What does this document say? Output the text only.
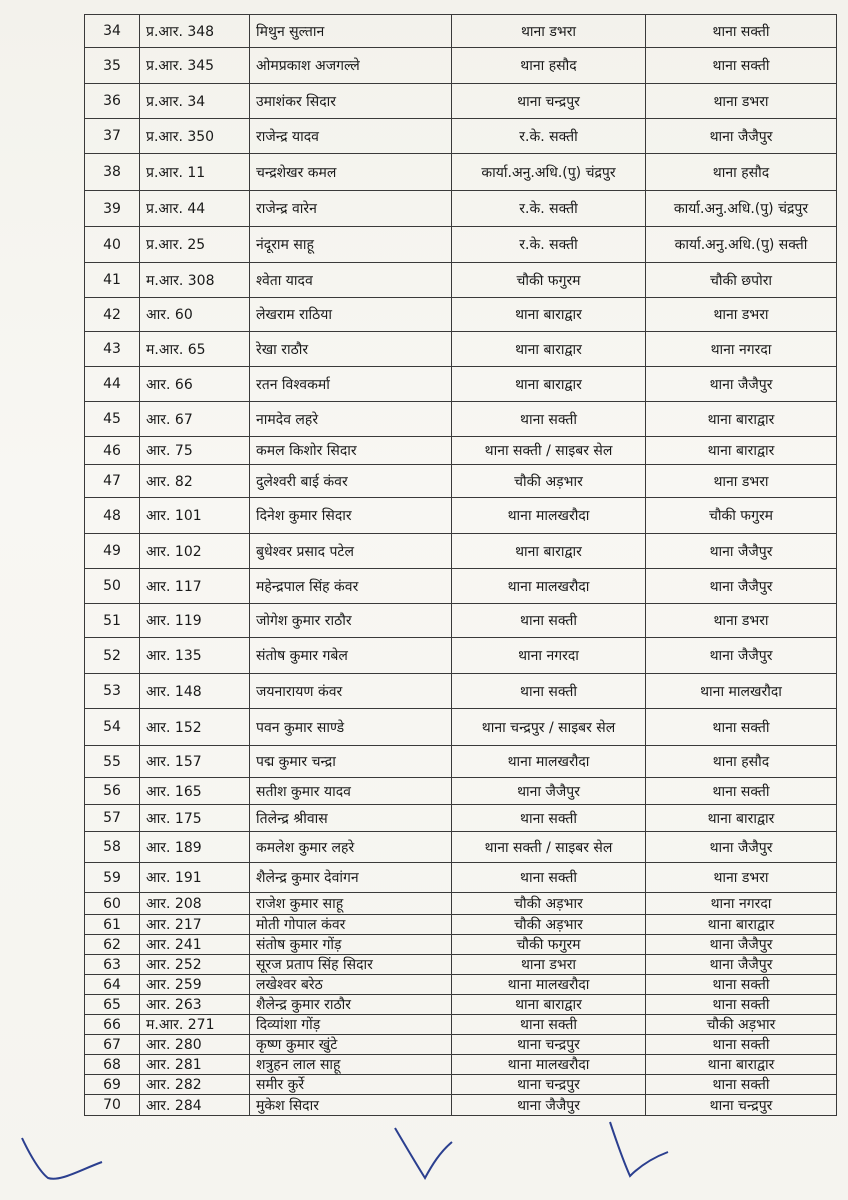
34	प्र.आर. 348	मिथुन सुल्तान	थाना डभरा	थाना सक्ती
35	प्र.आर. 345	ओमप्रकाश अजगल्ले	थाना हसौद	थाना सक्ती
36	प्र.आर. 34	उमाशंकर सिदार	थाना चन्द्रपुर	थाना डभरा
37	प्र.आर. 350	राजेन्द्र यादव	र.के. सक्ती	थाना जैजैपुर
38	प्र.आर. 11	चन्द्रशेखर कमल	कार्या.अनु.अधि.(पु) चंद्रपुर	थाना हसौद
39	प्र.आर. 44	राजेन्द्र वारेन	र.के. सक्ती	कार्या.अनु.अधि.(पु) चंद्रपुर
40	प्र.आर. 25	नंदूराम साहू	र.के. सक्ती	कार्या.अनु.अधि.(पु) सक्ती
41	म.आर. 308	श्वेता यादव	चौकी फगुरम	चौकी छपोरा
42	आर. 60	लेखराम राठिया	थाना बाराद्वार	थाना डभरा
43	म.आर. 65	रेखा राठौर	थाना बाराद्वार	थाना नगरदा
44	आर. 66	रतन विश्वकर्मा	थाना बाराद्वार	थाना जैजैपुर
45	आर. 67	नामदेव लहरे	थाना सक्ती	थाना बाराद्वार
46	आर. 75	कमल किशोर सिदार	थाना सक्ती / साइबर सेल	थाना बाराद्वार
47	आर. 82	दुलेश्वरी बाई कंवर	चौकी अड़भार	थाना डभरा
48	आर. 101	दिनेश कुमार सिदार	थाना मालखरौदा	चौकी फगुरम
49	आर. 102	बुधेश्वर प्रसाद पटेल	थाना बाराद्वार	थाना जैजैपुर
50	आर. 117	महेन्द्रपाल सिंह कंवर	थाना मालखरौदा	थाना जैजैपुर
51	आर. 119	जोगेश कुमार राठौर	थाना सक्ती	थाना डभरा
52	आर. 135	संतोष कुमार गबेल	थाना नगरदा	थाना जैजैपुर
53	आर. 148	जयनारायण कंवर	थाना सक्ती	थाना मालखरौदा
54	आर. 152	पवन कुमार साण्डे	थाना चन्द्रपुर / साइबर सेल	थाना सक्ती
55	आर. 157	पद्म कुमार चन्द्रा	थाना मालखरौदा	थाना हसौद
56	आर. 165	सतीश कुमार यादव	थाना जैजैपुर	थाना सक्ती
57	आर. 175	तिलेन्द्र श्रीवास	थाना सक्ती	थाना बाराद्वार
58	आर. 189	कमलेश कुमार लहरे	थाना सक्ती / साइबर सेल	थाना जैजैपुर
59	आर. 191	शैलेन्द्र कुमार देवांगन	थाना सक्ती	थाना डभरा
60	आर. 208	राजेश कुमार साहू	चौकी अड़भार	थाना नगरदा
61	आर. 217	मोती गोपाल कंवर	चौकी अड़भार	थाना बाराद्वार
62	आर. 241	संतोष कुमार गोंड़	चौकी फगुरम	थाना जैजैपुर
63	आर. 252	सूरज प्रताप सिंह सिदार	थाना डभरा	थाना जैजैपुर
64	आर. 259	लखेश्वर बरेठ	थाना मालखरौदा	थाना सक्ती
65	आर. 263	शैलेन्द्र कुमार राठौर	थाना बाराद्वार	थाना सक्ती
66	म.आर. 271	दिव्यांशा गोंड़	थाना सक्ती	चौकी अड़भार
67	आर. 280	कृष्ण कुमार खुंटे	थाना चन्द्रपुर	थाना सक्ती
68	आर. 281	शत्रुहन लाल साहू	थाना मालखरौदा	थाना बाराद्वार
69	आर. 282	समीर कुर्रे	थाना चन्द्रपुर	थाना सक्ती
70	आर. 284	मुकेश सिदार	थाना जैजैपुर	थाना चन्द्रपुर
